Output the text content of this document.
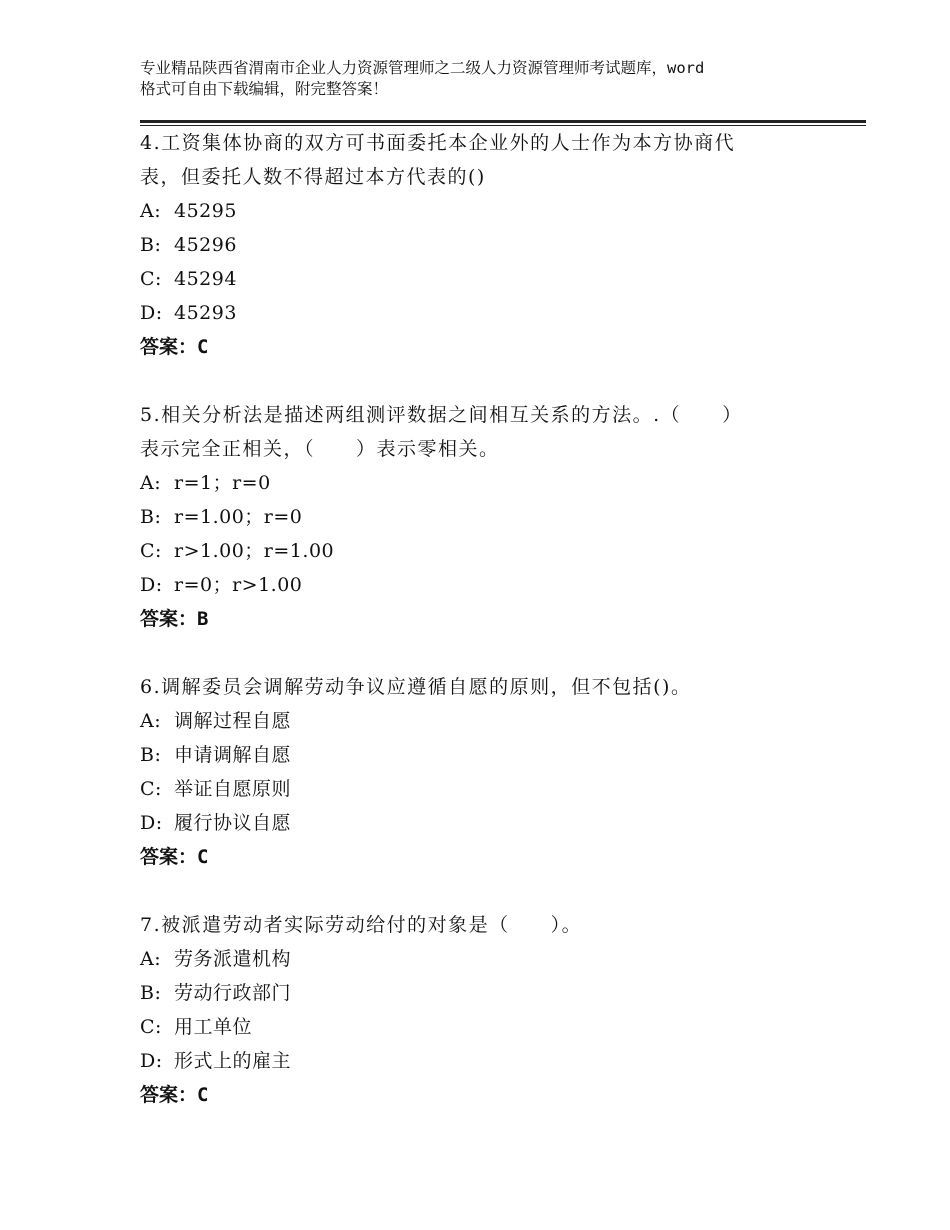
专业精品陕西省渭南市企业人力资源管理师之二级人力资源管理师考试题库，word
格式可自由下载编辑，附完整答案！
4.工资集体协商的双方可书面委托本企业外的人士作为本方协商代
表，但委托人数不得超过本方代表的()
A: 45295
B: 45296
C: 45294
D: 45293
答案：C
5.相关分析法是描述两组测评数据之间相互关系的方法。.（　　）
表示完全正相关，（　　）表示零相关。
A: r=1；r=0
B: r=1.00；r=0
C: r>1.00；r=1.00
D: r=0；r>1.00
答案：B
6.调解委员会调解劳动争议应遵循自愿的原则，但不包括()。
A: 调解过程自愿
B: 申请调解自愿
C: 举证自愿原则
D: 履行协议自愿
答案：C
7.被派遣劳动者实际劳动给付的对象是（　　）。
A: 劳务派遣机构
B: 劳动行政部门
C: 用工单位
D: 形式上的雇主
答案：C
